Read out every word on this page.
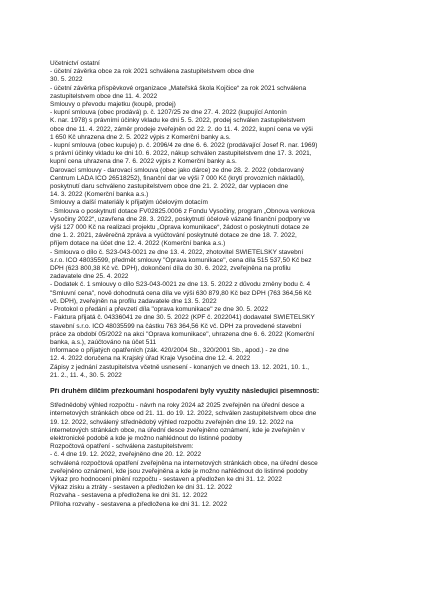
Účetnictví ostatní
- účetní závěrka obce za rok 2021 schválena zastupitelstvem obce dne
30. 5. 2022
- účetní závěrka příspěvkové organizace „Mateřská škola Kojčice“ za rok 2021 schválena
zastupitelstvem obce dne 11. 4. 2022
Smlouvy o převodu majetku (koupě, prodej)
- kupní smlouva (obec prodává) p. č. 1207/25 ze dne 27. 4. 2022 (kupující Antonín
K. nar. 1978) s právními účinky vkladu ke dni 5. 5. 2022, prodej schválen zastupitelstvem
obce dne 11. 4. 2022, záměr prodeje zveřejněn od 22. 2. do 11. 4. 2022, kupní cena ve výši
1 650 Kč uhrazena dne 2. 5. 2022 výpis z Komerční banky a.s.
- kupní smlouva (obec kupuje) p. č. 2096/4 ze dne 6. 6. 2022 (prodávající Josef R. nar. 1969)
s právní účinky vkladu ke dni 10. 6. 2022, nákup schválen zastupitelstvem dne 17. 3. 2021,
kupní cena uhrazena dne 7. 6. 2022 výpis z Komerční banky a.s.
Darovací smlouvy - darovací smlouva (obec jako dárce) ze dne 28. 2. 2022 (obdarovaný
Centrum LADA IČO 26518252), finanční dar ve výši 7 000 Kč (krytí provozních nákladů),
poskytnutí daru schváleno zastupitelstvem obce dne 21. 2. 2022, dar vyplacen dne
14. 3. 2022 (Komerční banka a.s.)
Smlouvy a další materiály k přijatým účelovým dotacím
- Smlouva o poskytnutí dotace FV02825.0006 z Fondu Vysočiny, program „Obnova venkova
Vysočiny 2022“, uzavřena dne 28. 3. 2022, poskytnutí účelově vázané finanční podpory ve
výši 127 000 Kč na realizaci projektu „Oprava komunikace“, žádost o poskytnutí dotace ze
dne 1. 2. 2021, závěrečná zpráva a vyúčtování poskytnuté dotace ze dne 18. 7. 2022,
příjem dotace na účet dne 12. 4. 2022 (Komerční banka a.s.)
- Smlouva o dílo č. S23-043-0021 ze dne 13. 4. 2022, zhotovitel SWIETELSKY stavební
s.r.o. IČO 48035599, předmět smlouvy "Oprava komunikace", cena díla 515 537,50 Kč bez
DPH (623 800,38 Kč vč. DPH), dokončení díla do 30. 6. 2022, zveřejněna na profilu
zadavatele dne 25. 4. 2022
- Dodatek č. 1 smlouvy o dílo S23-043-0021 ze dne 13. 5. 2022 z důvodu změny bodu č. 4
"Smluvní cena", nově dohodnutá cena díla ve výši 630 879,80 Kč bez DPH (763 364,56 Kč
vč. DPH), zveřejněn na profilu zadavatele dne 13. 5. 2022
- Protokol o předání a převzetí díla "oprava komunikace" ze dne 30. 5. 2022
- Faktura přijatá č. 04336041 ze dne 30. 5. 2022 (KPF č. 2022041) dodavatel SWIETELSKY
stavební s.r.o. IČO 48035599 na částku 763 364,56 Kč vč. DPH za provedené stavební
práce za období 05/2022 na akci "Oprava komunikace", uhrazena dne 6. 6. 2022 (Komerční
banka, a.s.), zaúčtováno na účet 511
Informace o přijatých opatřeních (zák. 420/2004 Sb., 320/2001 Sb., apod.) - ze dne
12. 4. 2022 doručena na Krajský úřad Kraje Vysočina dne 12. 4. 2022
Zápisy z jednání zastupitelstva včetně usnesení - konaných ve dnech 13. 12. 2021, 10. 1.,
21. 2., 11. 4., 30. 5. 2022
Při druhém dílčím přezkoumání hospodaření byly využity následující písemnosti:
Střednědobý výhled rozpočtu - návrh na roky 2024 až 2025 zveřejněn na úřední desce a
internetových stránkách obce od 21. 11. do 19. 12. 2022, schválen zastupitelstvem obce dne
19. 12. 2022, schválený střednědobý výhled rozpočtu zveřejněn dne 19. 12. 2022 na
internetových stránkách obce, na úřední desce zveřejněno oznámení, kde je zveřejněn v
elektronické podobě a kde je možno nahlédnout do listinné podoby
Rozpočtová opatření - schválena zastupitelstvem:
- č. 4 dne 19. 12. 2022, zveřejněno dne 20. 12. 2022
schválená rozpočtová opatření zveřejněna na internetových stránkách obce, na úřední desce
zveřejněno oznámení, kde jsou zveřejněna a kde je možno nahlédnout do listinné podoby
Výkaz pro hodnocení plnění rozpočtu - sestaven a předložen ke dni 31. 12. 2022
Výkaz zisku a ztráty - sestaven a předložen ke dni 31. 12. 2022
Rozvaha - sestavena a předložena ke dni 31. 12. 2022
Příloha rozvahy - sestavena a předložena ke dni 31. 12. 2022
